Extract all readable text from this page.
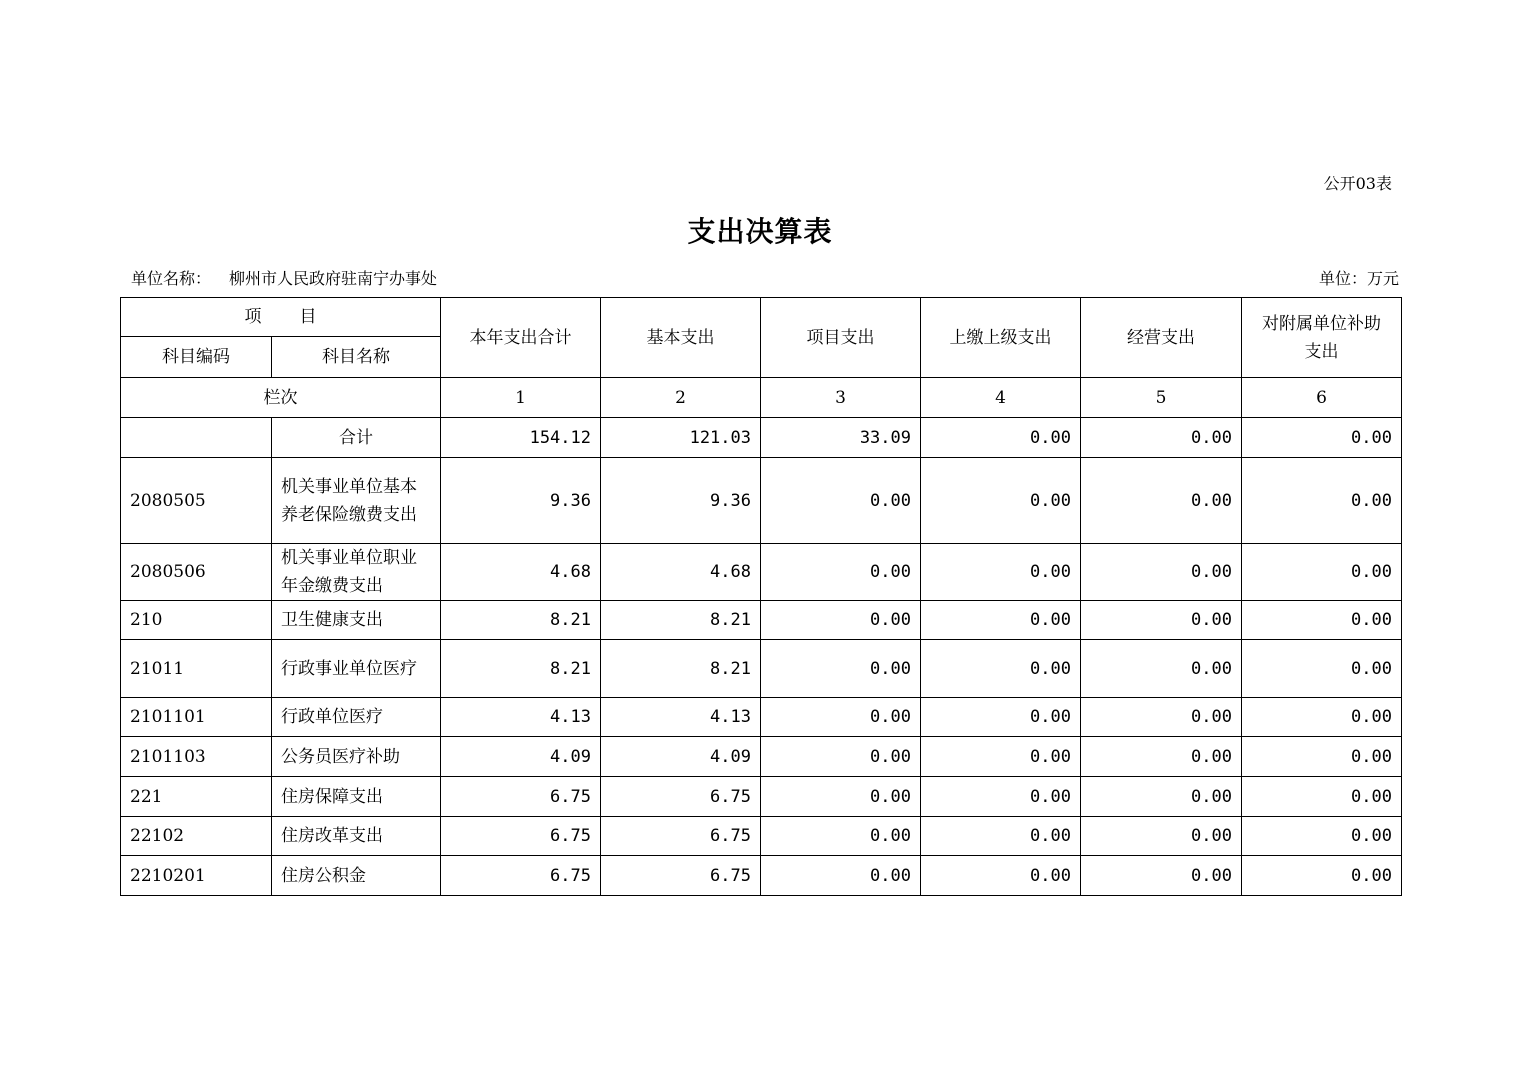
公开03表
支出决算表
单位名称： 柳州市人民政府驻南宁办事处	单位：万元
项 目		本年支出合计	基本支出	项目支出	上缴上级支出	经营支出	对附属单位补助
支出
科目编码	科目名称						
栏次		1	2	3	4	5	6
	合计	154.12	121.03	33.09	0.00	0.00	0.00
2080505	机关事业单位基本养老保险缴费支出	9.36	9.36	0.00	0.00	0.00	0.00
2080506	机关事业单位职业年金缴费支出	4.68	4.68	0.00	0.00	0.00	0.00
210	卫生健康支出	8.21	8.21	0.00	0.00	0.00	0.00
21011	行政事业单位医疗	8.21	8.21	0.00	0.00	0.00	0.00
2101101	行政单位医疗	4.13	4.13	0.00	0.00	0.00	0.00
2101103	公务员医疗补助	4.09	4.09	0.00	0.00	0.00	0.00
221	住房保障支出	6.75	6.75	0.00	0.00	0.00	0.00
22102	住房改革支出	6.75	6.75	0.00	0.00	0.00	0.00
2210201	住房公积金	6.75	6.75	0.00	0.00	0.00	0.00
